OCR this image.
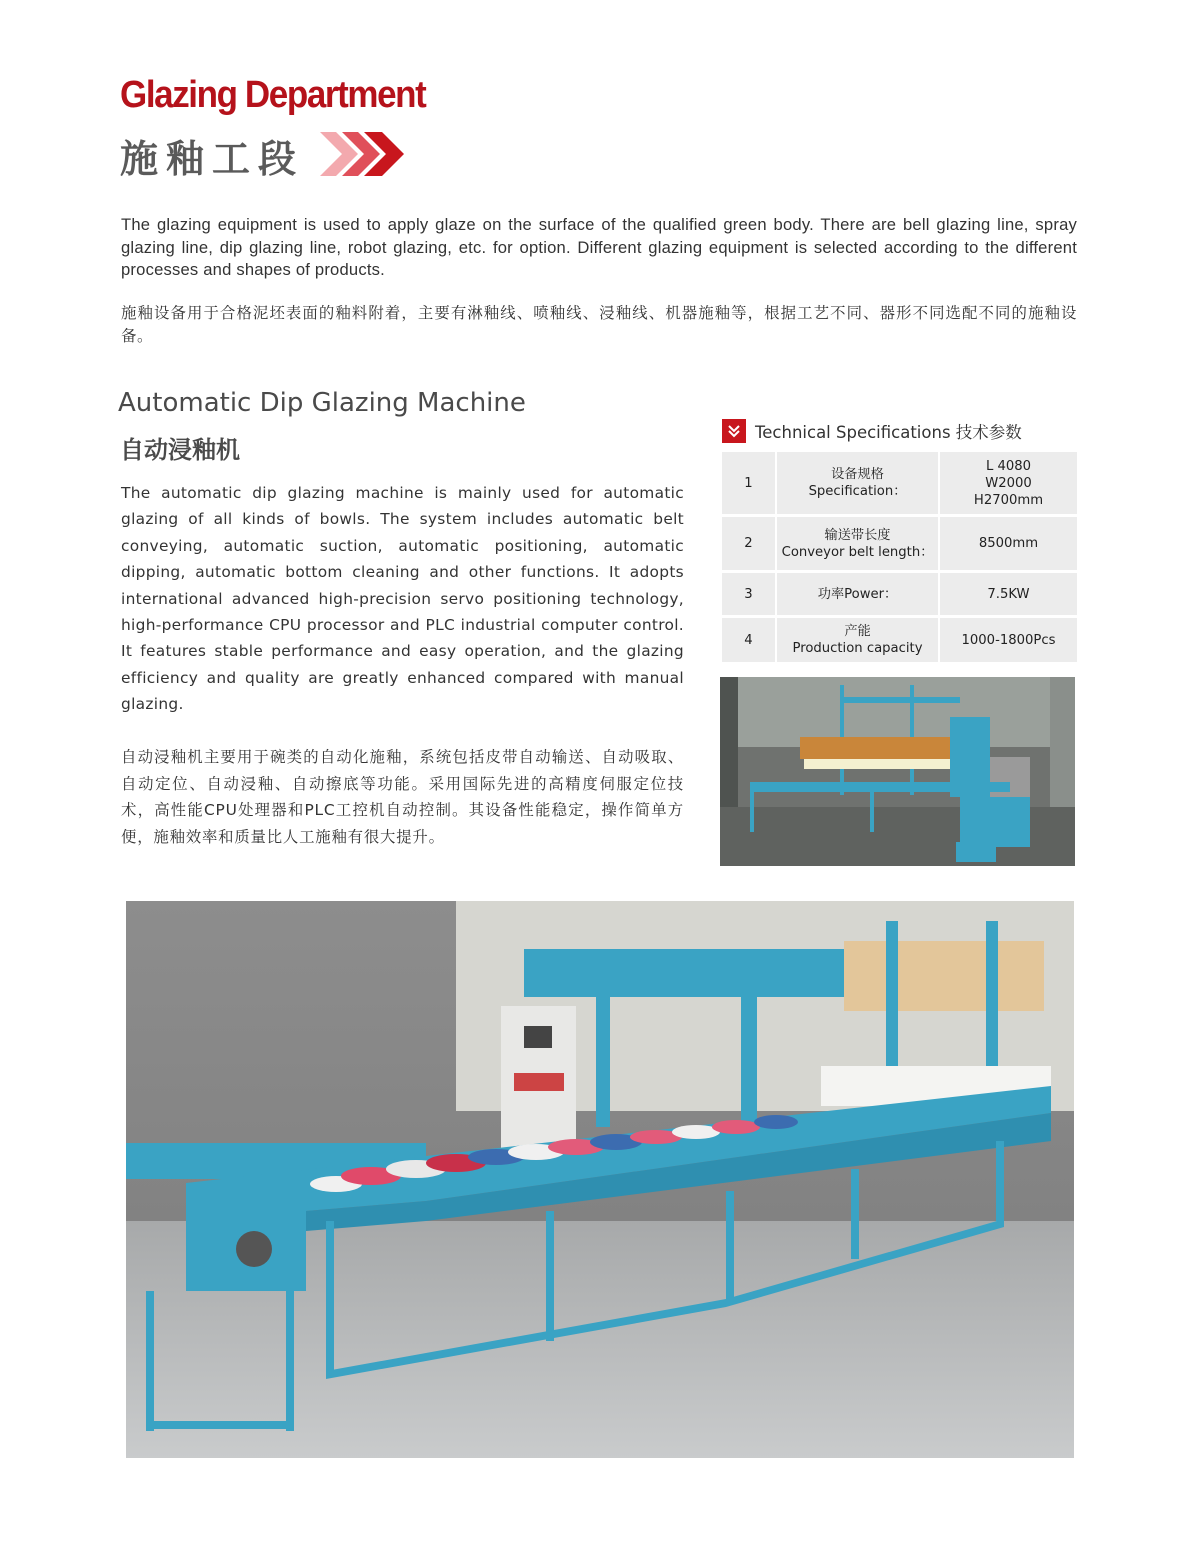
Glazing Department
施釉工段

The glazing equipment is used to apply glaze on the surface of the qualified green body. There are bell glazing line, spray glazing line, dip glazing line, robot glazing, etc. for option. Different glazing equipment is selected according to the different processes and shapes of products.

施釉设备用于合格泥坯表面的釉料附着，主要有淋釉线、喷釉线、浸釉线、机器施釉等，根据工艺不同、器形不同选配不同的施釉设备。

Automatic Dip Glazing Machine
自动浸釉机

The automatic dip glazing machine is mainly used for automatic glazing of all kinds of bowls. The system includes automatic belt conveying, automatic suction, automatic positioning, automatic dipping, automatic bottom cleaning and other functions. It adopts international advanced high-precision servo positioning technology, high-performance CPU processor and PLC industrial computer control. It features stable performance and easy operation, and the glazing efficiency and quality are greatly enhanced compared with manual glazing.

自动浸釉机主要用于碗类的自动化施釉，系统包括皮带自动输送、自动吸取、自动定位、自动浸釉、自动擦底等功能。采用国际先进的高精度伺服定位技术，高性能CPU处理器和PLC工控机自动控制。其设备性能稳定，操作简单方便，施釉效率和质量比人工施釉有很大提升。

Technical Specifications 技术参数
1
设备规格
Specification：
L 4080
W2000
H2700mm
2
输送带长度
Conveyor belt length：
8500mm
3	功率Power：	7.5KW
4
产能
Production capacity
1000-1800Pcs
